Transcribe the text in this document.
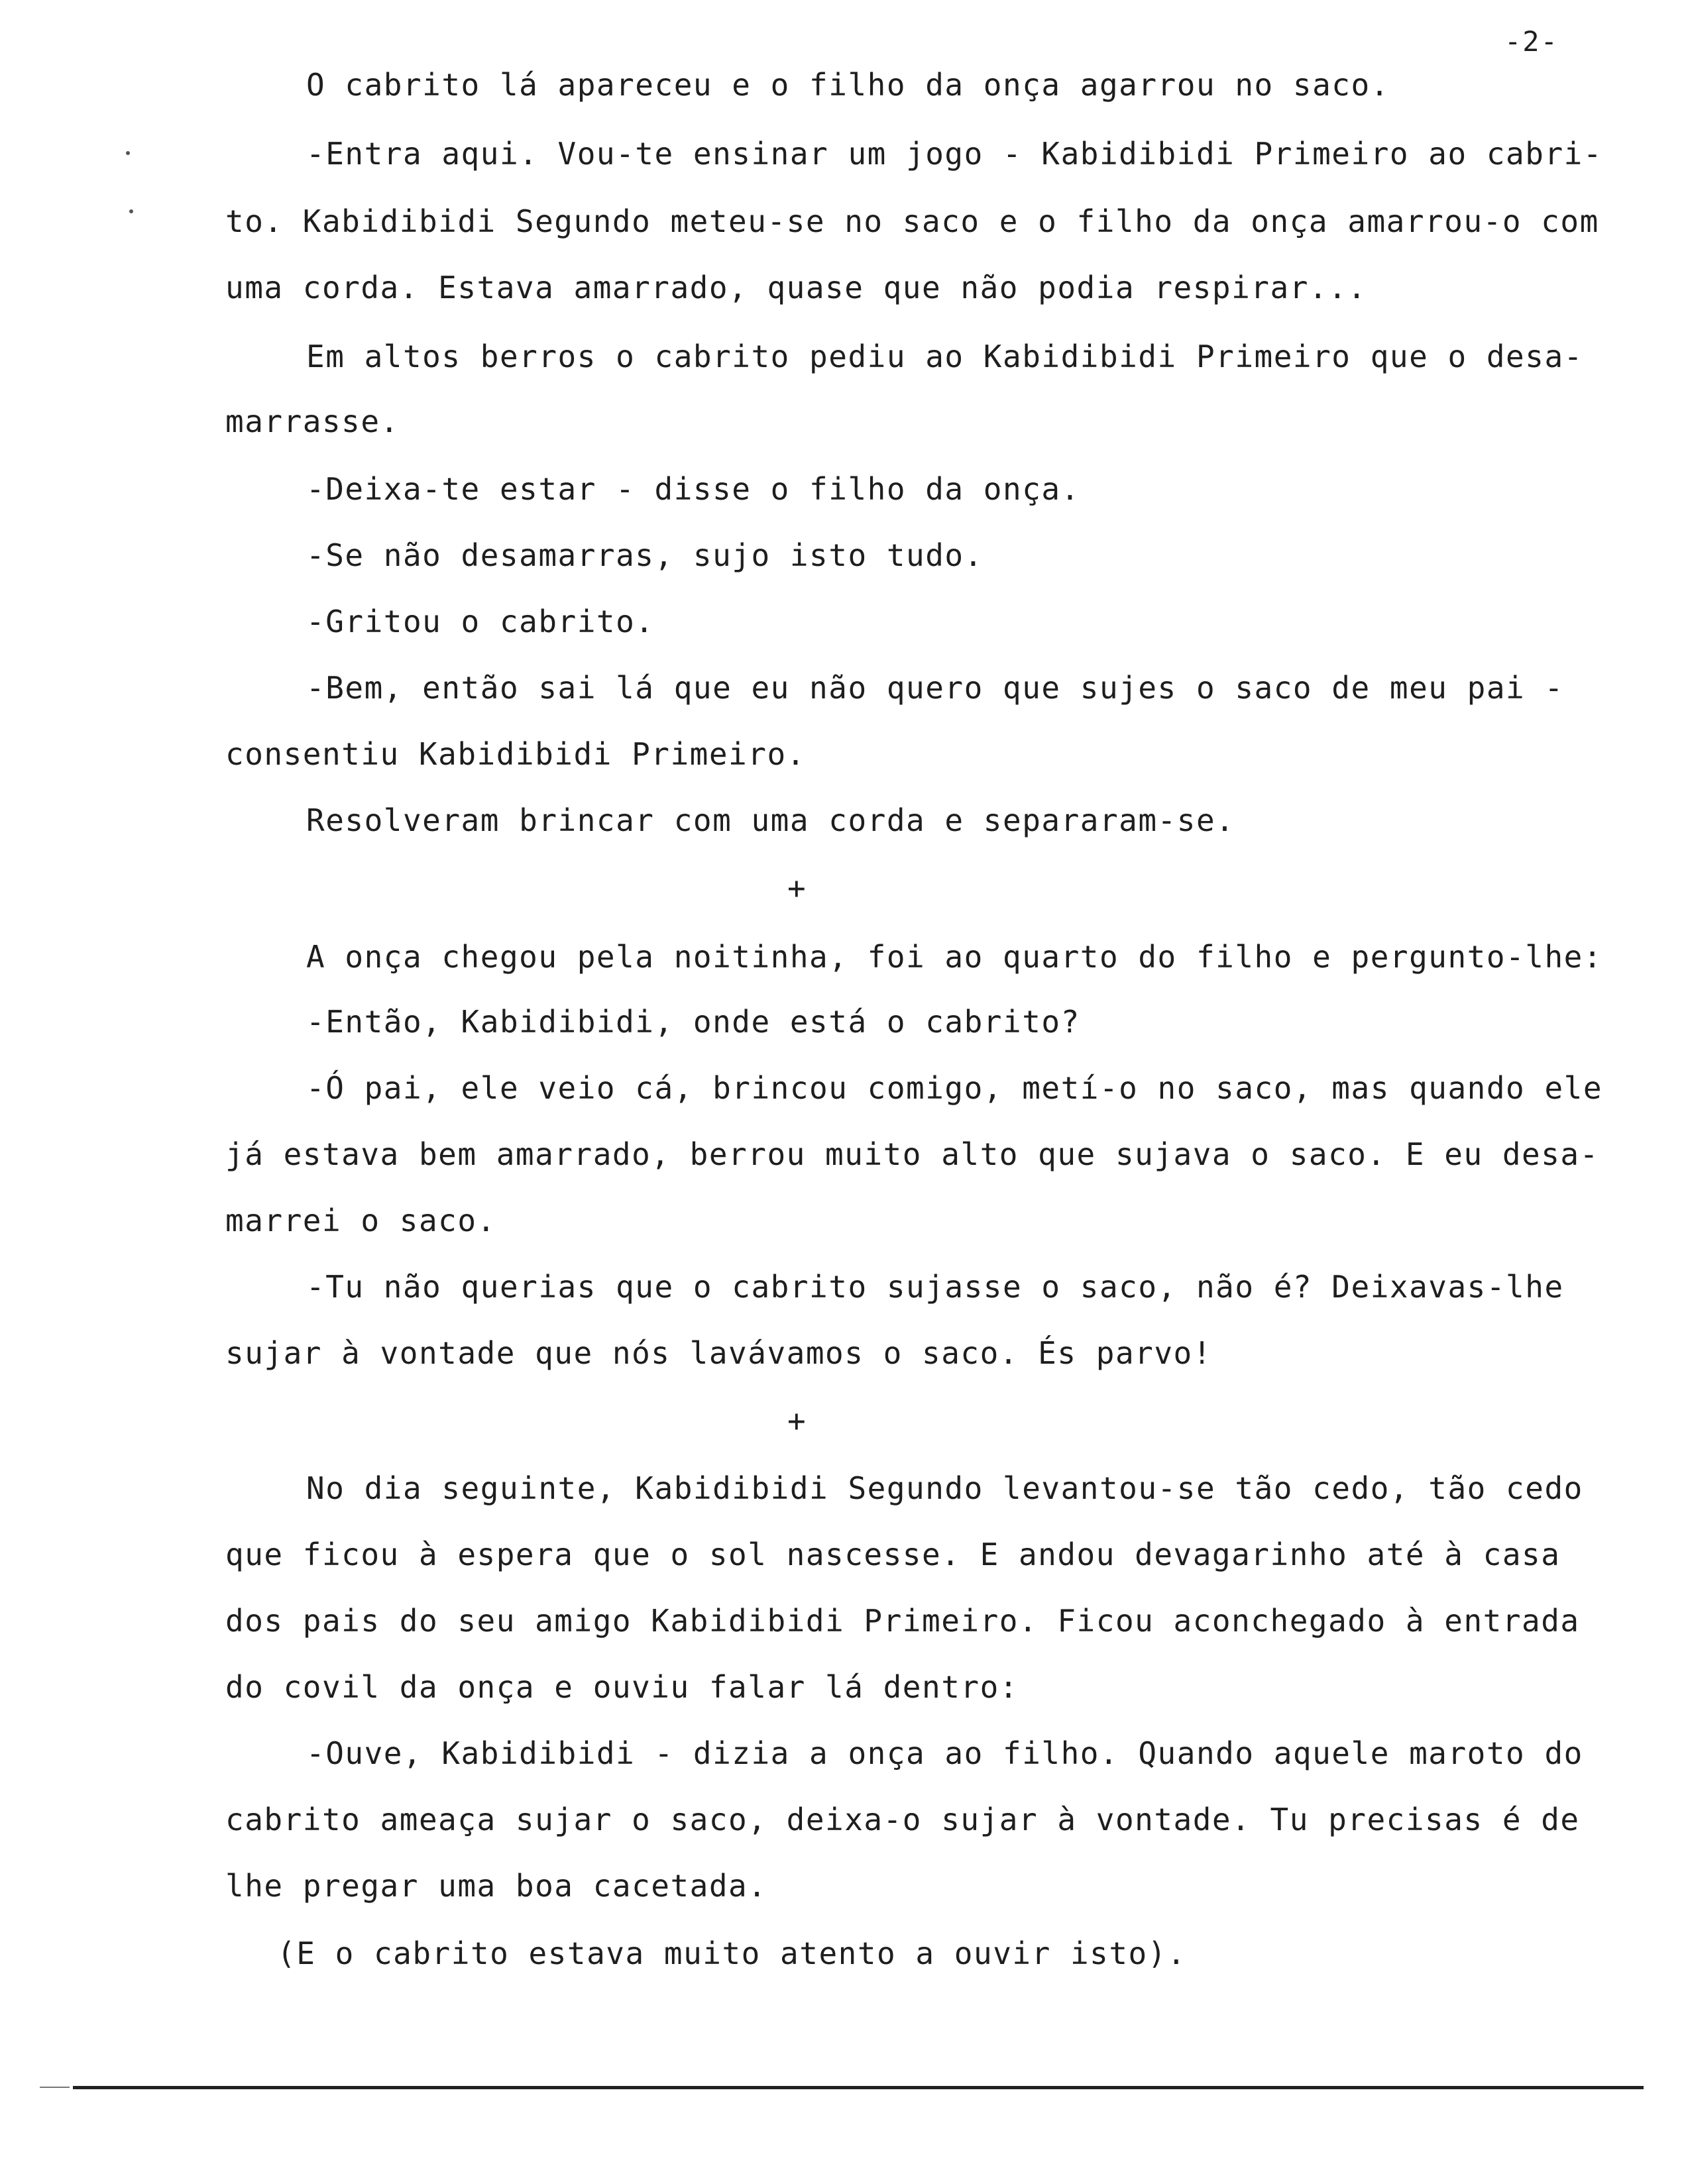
-2-
O cabrito lá apareceu e o filho da onça agarrou no saco.
-Entra aqui. Vou-te ensinar um jogo - Kabidibidi Primeiro ao cabri-
to. Kabidibidi Segundo meteu-se no saco e o filho da onça amarrou-o com
uma corda. Estava amarrado, quase que não podia respirar...
Em altos berros o cabrito pediu ao Kabidibidi Primeiro que o desa-
marrasse.
-Deixa-te estar - disse o filho da onça.
-Se não desamarras, sujo isto tudo.
-Gritou o cabrito.
-Bem, então sai lá que eu não quero que sujes o saco de meu pai -
consentiu Kabidibidi Primeiro.
Resolveram brincar com uma corda e separaram-se.
+
A onça chegou pela noitinha, foi ao quarto do filho e pergunto-lhe:
-Então, Kabidibidi, onde está o cabrito?
-Ó pai, ele veio cá, brincou comigo, metí-o no saco, mas quando ele
já estava bem amarrado, berrou muito alto que sujava o saco. E eu desa-
marrei o saco.
-Tu não querias que o cabrito sujasse o saco, não é? Deixavas-lhe
sujar à vontade que nós lavávamos o saco. És parvo!
+
No dia seguinte, Kabidibidi Segundo levantou-se tão cedo, tão cedo
que ficou à espera que o sol nascesse. E andou devagarinho até à casa
dos pais do seu amigo Kabidibidi Primeiro. Ficou aconchegado à entrada
do covil da onça e ouviu falar lá dentro:
-Ouve, Kabidibidi - dizia a onça ao filho. Quando aquele maroto do
cabrito ameaça sujar o saco, deixa-o sujar à vontade. Tu precisas é de
lhe pregar uma boa cacetada.
(E o cabrito estava muito atento a ouvir isto).
